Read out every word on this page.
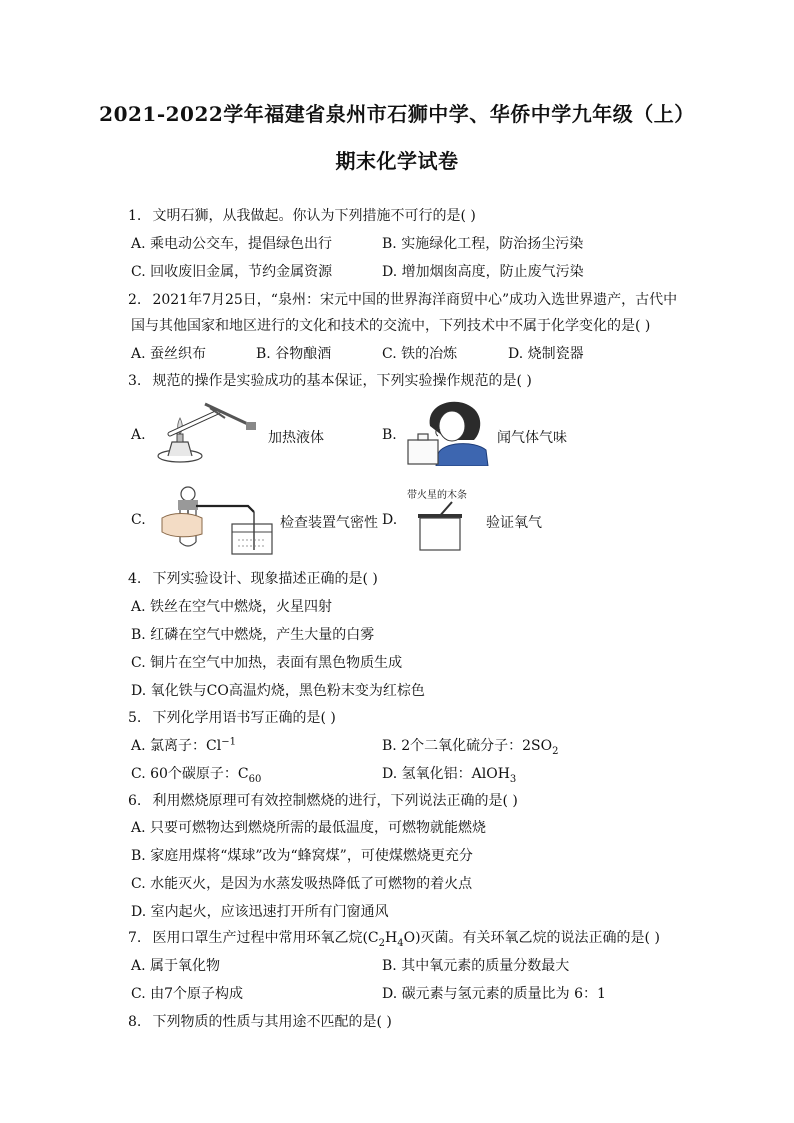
2021-2022学年福建省泉州市石狮中学、华侨中学九年级（上）
期末化学试卷
1. 文明石狮，从我做起。你认为下列措施不可行的是( )
A. 乘电动公交车，提倡绿色出行	B. 实施绿化工程，防治扬尘污染
C. 回收废旧金属，节约金属资源	D. 增加烟囱高度，防止废气污染
2. 2021年7月25日，“泉州：宋元中国的世界海洋商贸中心”成功入选世界遗产，古代中
国与其他国家和地区进行的文化和技术的交流中，下列技术中不属于化学变化的是( )
A. 蚕丝织布	B. 谷物酿酒	C. 铁的冶炼	D. 烧制瓷器
3. 规范的操作是实验成功的基本保证，下列实验操作规范的是( )
A.	加热液体	B.	闻气体气味
C.	检查装置气密性 D.
带火星的木条
验证氧气
4. 下列实验设计、现象描述正确的是( )
A. 铁丝在空气中燃烧，火星四射
B. 红磷在空气中燃烧，产生大量的白雾
C. 铜片在空气中加热，表面有黑色物质生成
D. 氧化铁与CO高温灼烧，黑色粉末变为红棕色
5. 下列化学用语书写正确的是( )
A. 氯离子：$Cl^{-1}$	B. 2个二氧化硫分子：$2SO_2$
C. 60个碳原子：$C_{60}$	D. 氢氧化铝：AlOH$_3$
6. 利用燃烧原理可有效控制燃烧的进行，下列说法正确的是( )
A. 只要可燃物达到燃烧所需的最低温度，可燃物就能燃烧
B. 家庭用煤将“煤球”改为“蜂窝煤”，可使煤燃烧更充分
C. 水能灭火，是因为水蒸发吸热降低了可燃物的着火点
D. 室内起火，应该迅速打开所有门窗通风
7. 医用口罩生产过程中常用环氧乙烷$(C_2H_4O)$灭菌。有关环氧乙烷的说法正确的是( )
A. 属于氧化物	B. 其中氧元素的质量分数最大
C. 由7个原子构成	D. 碳元素与氢元素的质量比为 6：1
8. 下列物质的性质与其用途不匹配的是( )
